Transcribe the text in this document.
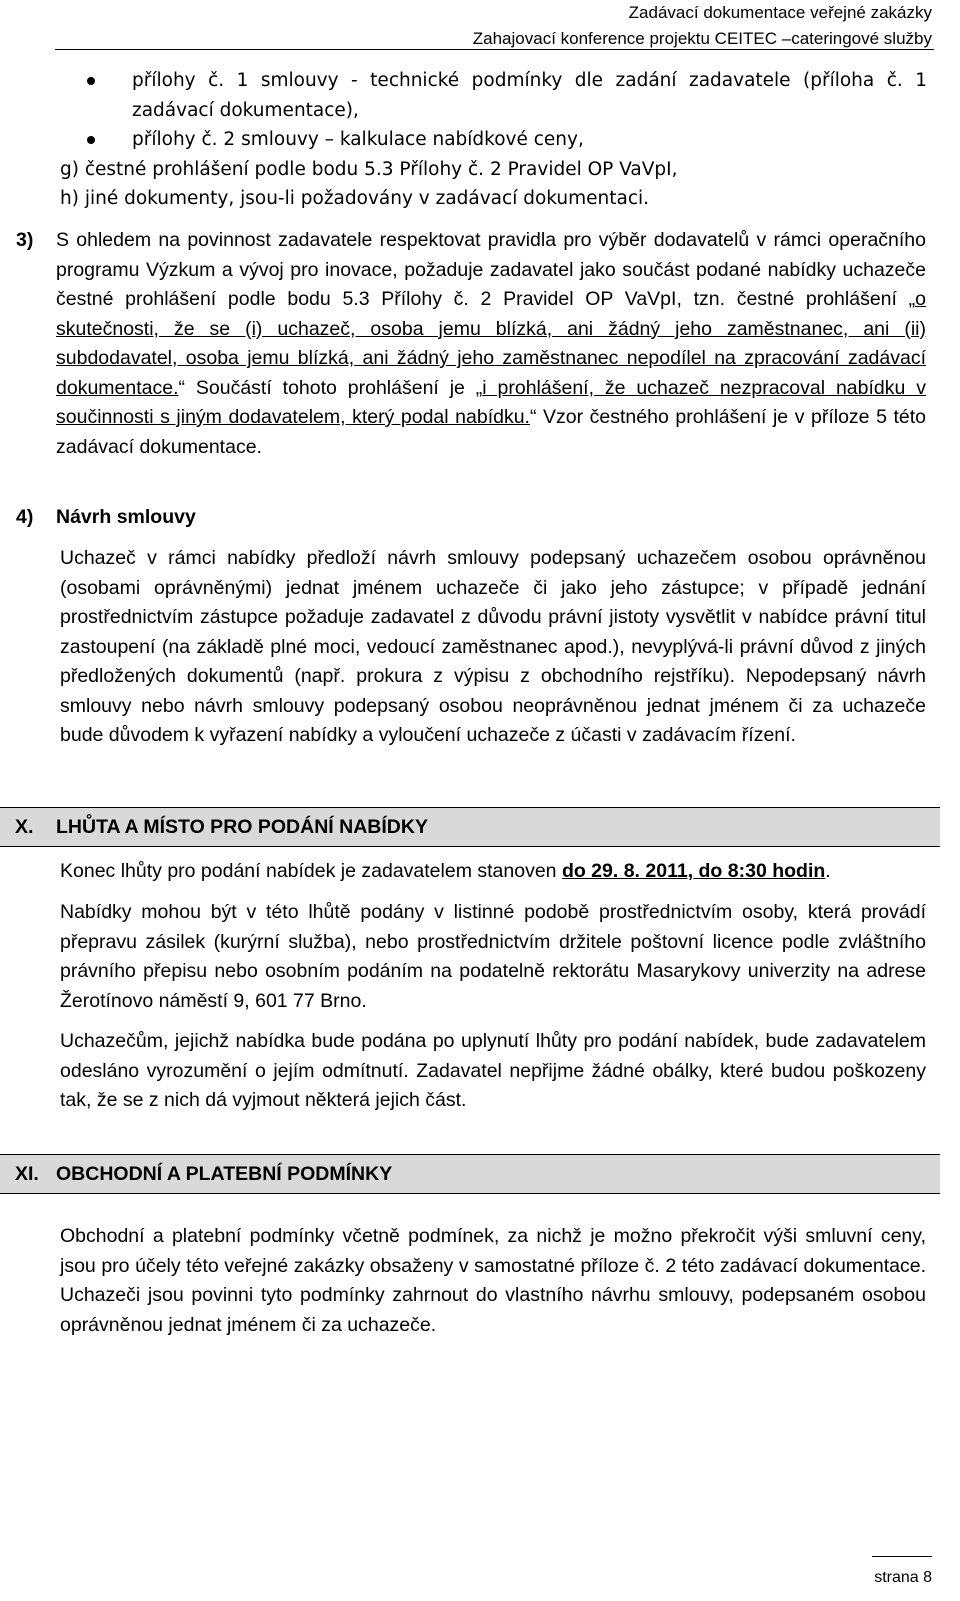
Zadávací dokumentace veřejné zakázky
Zahajovací konference projektu CEITEC –cateringové služby
přílohy č. 1 smlouvy - technické podmínky dle zadání zadavatele (příloha č. 1 zadávací dokumentace),
přílohy č. 2 smlouvy – kalkulace nabídkové ceny,
g) čestné prohlášení podle bodu 5.3 Přílohy č. 2 Pravidel OP VaVpI,
h) jiné dokumenty, jsou-li požadovány v zadávací dokumentaci.
3) S ohledem na povinnost zadavatele respektovat pravidla pro výběr dodavatelů v rámci operačního programu Výzkum a vývoj pro inovace, požaduje zadavatel jako součást podané nabídky uchazeče čestné prohlášení podle bodu 5.3 Přílohy č. 2 Pravidel OP VaVpI, tzn. čestné prohlášení „o skutečnosti, že se (i) uchazeč, osoba jemu blízká, ani žádný jeho zaměstnanec, ani (ii) subdodavatel, osoba jemu blízká, ani žádný jeho zaměstnanec nepodílel na zpracování zadávací dokumentace.“ Součástí tohoto prohlášení je „i prohlášení, že uchazeč nezpracoval nabídku v součinnosti s jiným dodavatelem, který podal nabídku.“ Vzor čestného prohlášení je v příloze 5 této zadávací dokumentace.
4) Návrh smlouvy
Uchazeč v rámci nabídky předloží návrh smlouvy podepsaný uchazečem osobou oprávněnou (osobami oprávněnými) jednat jménem uchazeče či jako jeho zástupce; v případě jednání prostřednictvím zástupce požaduje zadavatel z důvodu právní jistoty vysvětlit v nabídce právní titul zastoupení (na základě plné moci, vedoucí zaměstnanec apod.), nevyplývá-li právní důvod z jiných předložených dokumentů (např. prokura z výpisu z obchodního rejstříku). Nepodepsaný návrh smlouvy nebo návrh smlouvy podepsaný osobou neoprávněnou jednat jménem či za uchazeče bude důvodem k vyřazení nabídky a vyloučení uchazeče z účasti v zadávacím řízení.
X. LHŮTA A MÍSTO PRO PODÁNÍ NABÍDKY
Konec lhůty pro podání nabídek je zadavatelem stanoven do 29. 8. 2011, do 8:30 hodin.
Nabídky mohou být v této lhůtě podány v listinné podobě prostřednictvím osoby, která provádí přepravu zásilek (kurýrní služba), nebo prostřednictvím držitele poštovní licence podle zvláštního právního přepisu nebo osobním podáním na podatelně rektorátu Masarykovy univerzity na adrese Žerotínovo náměstí 9, 601 77 Brno.
Uchazečům, jejichž nabídka bude podána po uplynutí lhůty pro podání nabídek, bude zadavatelem odesláno vyrozumění o jejím odmítnutí. Zadavatel nepřijme žádné obálky, které budou poškozeny tak, že se z nich dá vyjmout některá jejich část.
XI. OBCHODNÍ A PLATEBNÍ PODMÍNKY
Obchodní a platební podmínky včetně podmínek, za nichž je možno překročit výši smluvní ceny, jsou pro účely této veřejné zakázky obsaženy v samostatné příloze č. 2 této zadávací dokumentace. Uchazeči jsou povinni tyto podmínky zahrnout do vlastního návrhu smlouvy, podepsaném osobou oprávněnou jednat jménem či za uchazeče.
strana 8
